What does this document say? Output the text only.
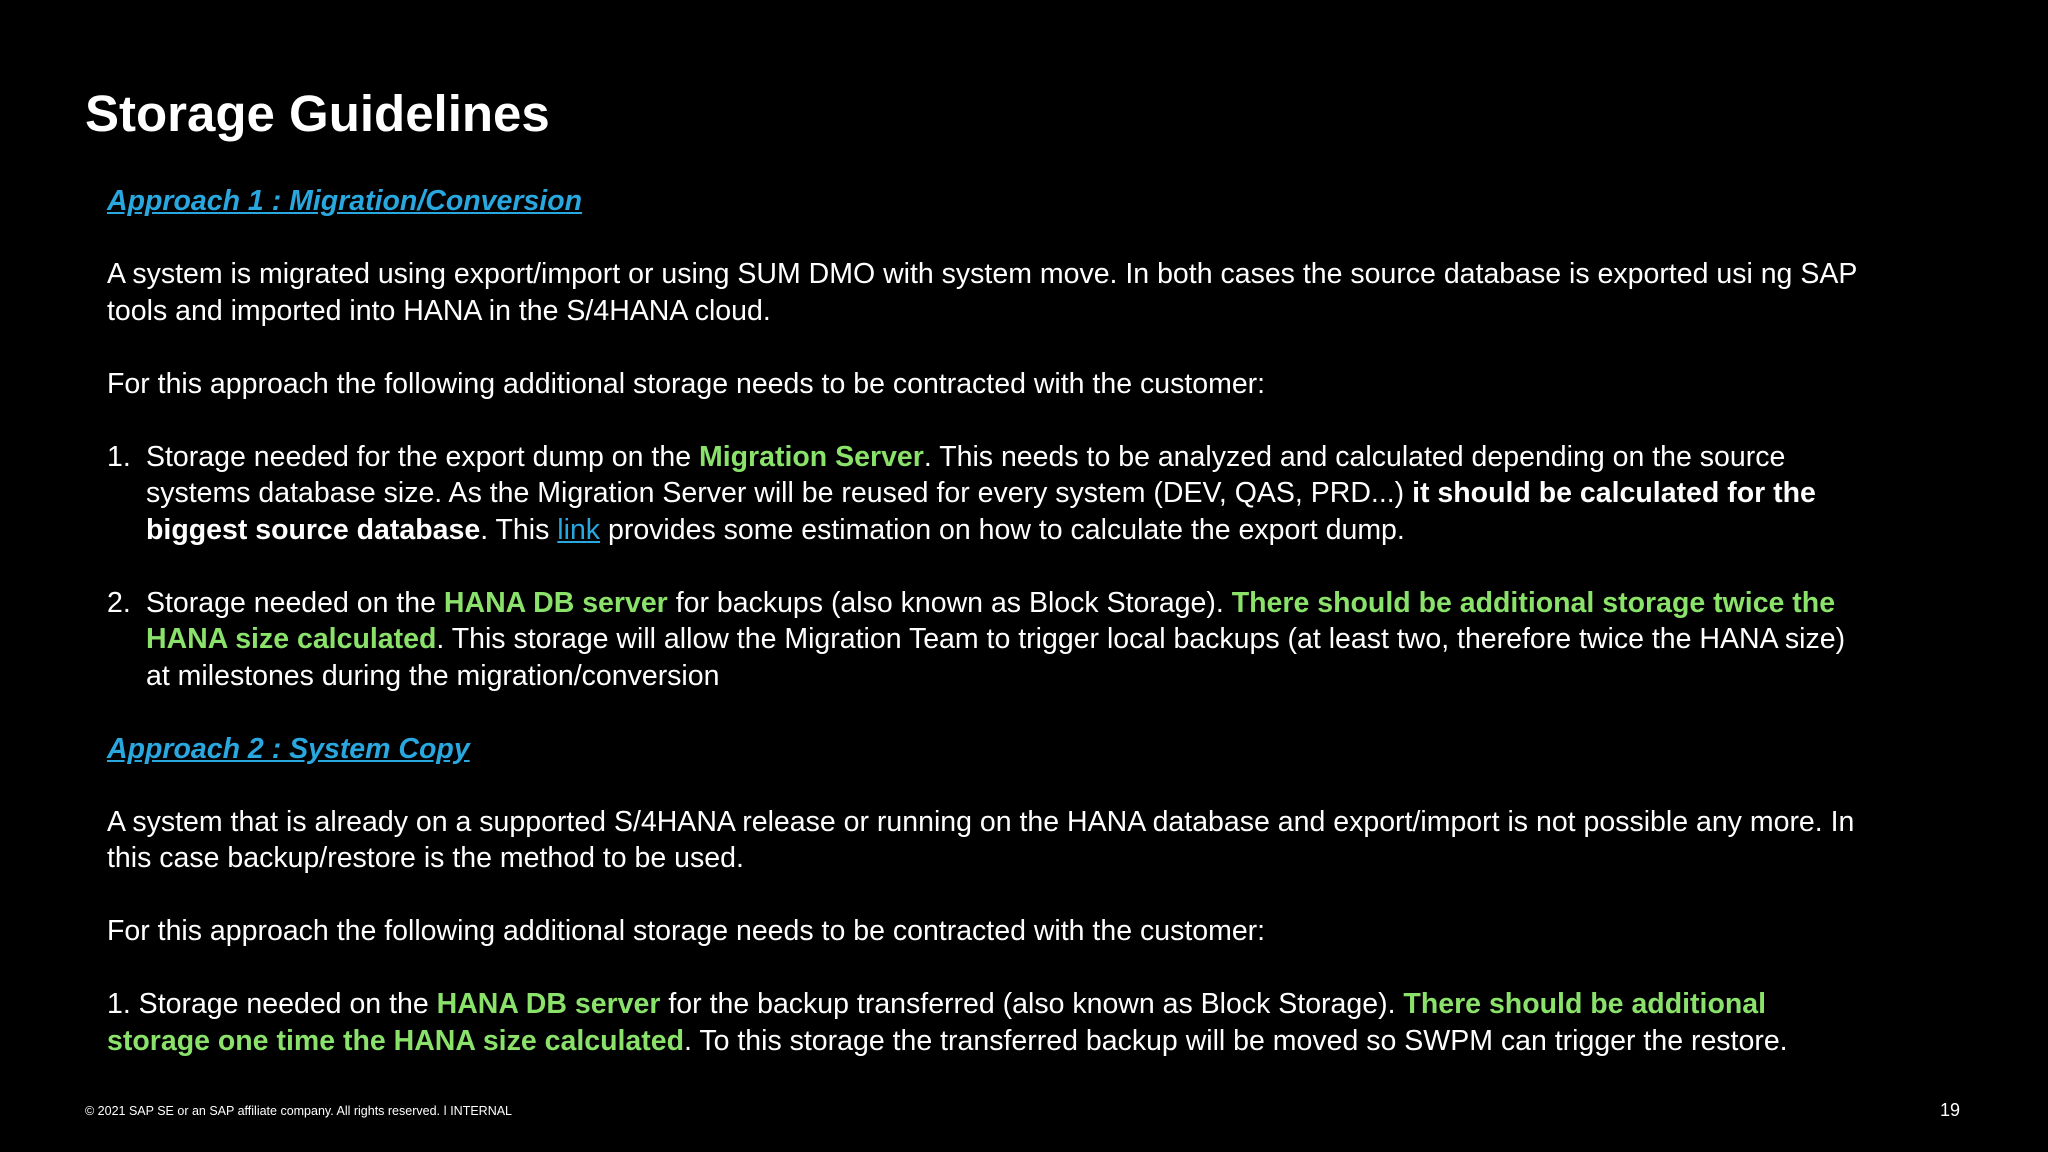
Storage Guidelines

Approach 1 : Migration/Conversion

A system is migrated using export/import or using SUM DMO with system move. In both cases the source database is exported usi ng SAP

tools and imported into HANA in the S/4HANA cloud.

For this approach the following additional storage needs to be contracted with the customer:

1. Storage needed for the export dump on the Migration Server. This needs to be analyzed and calculated depending on the source

systems database size. As the Migration Server will be reused for every system (DEV, QAS, PRD...) it should be calculated for the

biggest source database. This link provides some estimation on how to calculate the export dump.

2. Storage needed on the HANA DB server for backups (also known as Block Storage). There should be additional storage twice the

HANA size calculated. This storage will allow the Migration Team to trigger local backups (at least two, therefore twice the HANA size)

at milestones during the migration/conversion

Approach 2 : System Copy

A system that is already on a supported S/4HANA release or running on the HANA database and export/import is not possible any more. In

this case backup/restore is the method to be used.

For this approach the following additional storage needs to be contracted with the customer:

1. Storage needed on the HANA DB server for the backup transferred (also known as Block Storage). There should be additional

storage one time the HANA size calculated. To this storage the transferred backup will be moved so SWPM can trigger the restore.

© 2021 SAP SE or an SAP affiliate company. All rights reserved. ǀ INTERNAL	19
